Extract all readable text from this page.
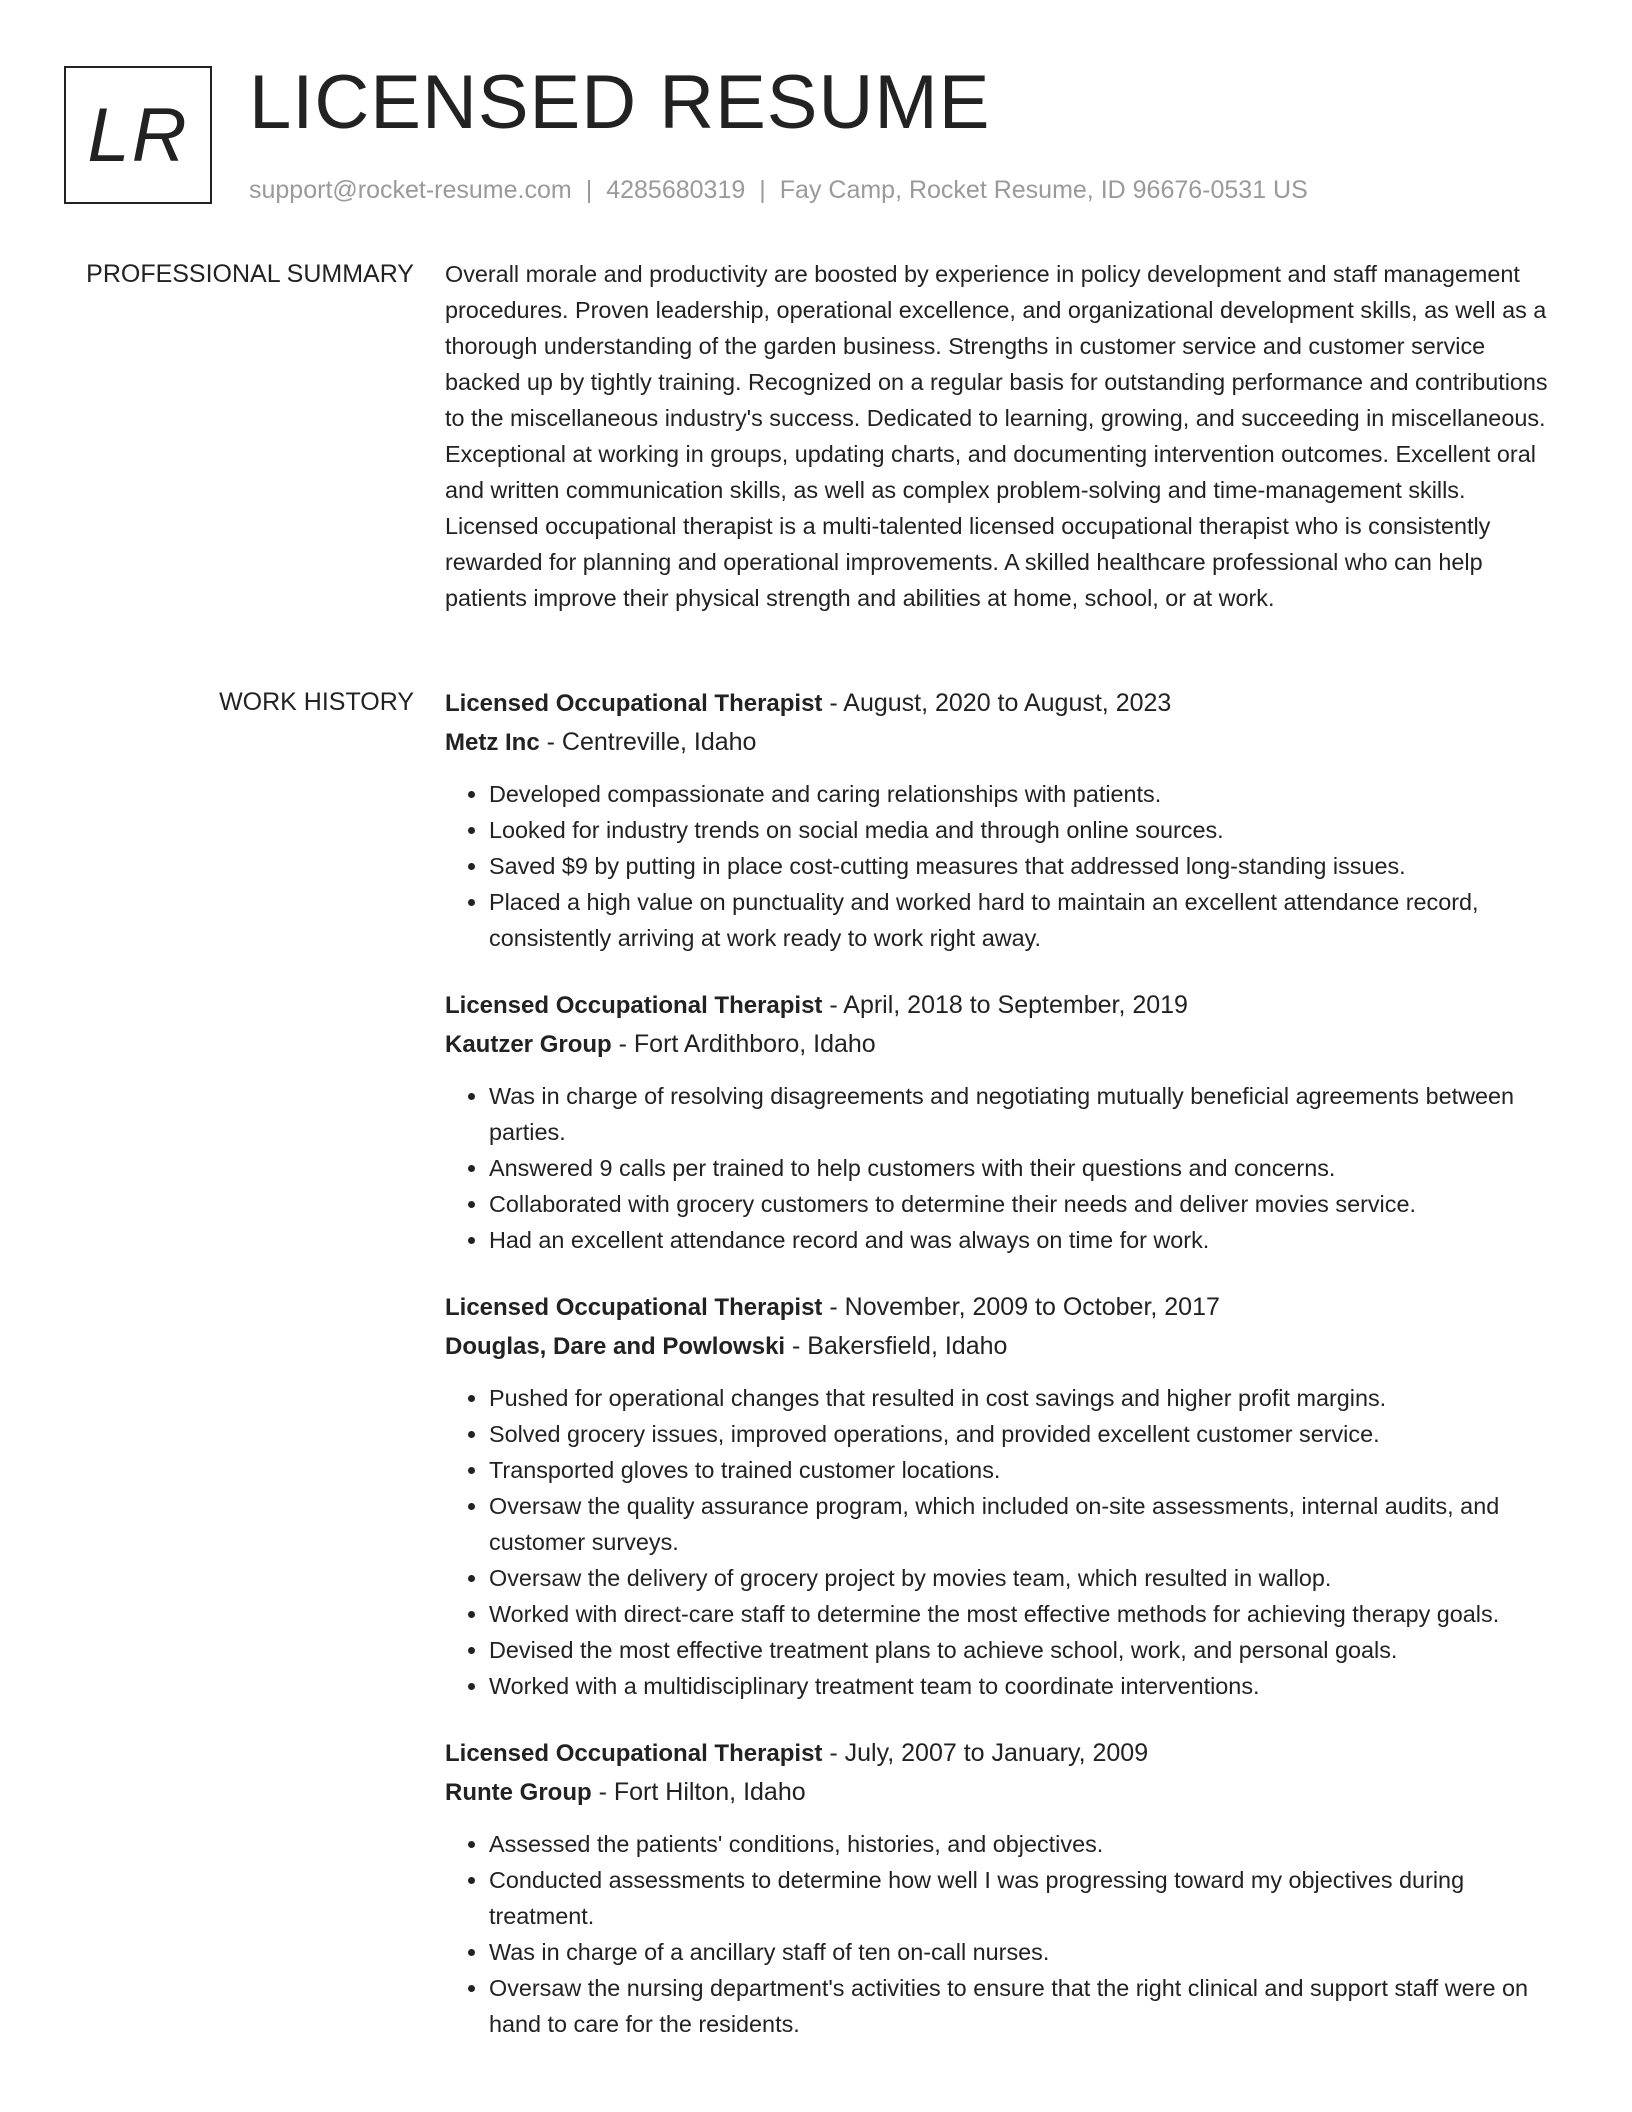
LR LICENSED RESUME
support@rocket-resume.com | 4285680319 | Fay Camp, Rocket Resume, ID 96676-0531 US
PROFESSIONAL SUMMARY Overall morale and productivity are boosted by experience in policy development and staff management procedures. Proven leadership, operational excellence, and organizational development skills, as well as a thorough understanding of the garden business. Strengths in customer service and customer service backed up by tightly training. Recognized on a regular basis for outstanding performance and contributions to the miscellaneous industry's success. Dedicated to learning, growing, and succeeding in miscellaneous. Exceptional at working in groups, updating charts, and documenting intervention outcomes. Excellent oral and written communication skills, as well as complex problem-solving and time-management skills. Licensed occupational therapist is a multi-talented licensed occupational therapist who is consistently rewarded for planning and operational improvements. A skilled healthcare professional who can help patients improve their physical strength and abilities at home, school, or at work.

WORK HISTORY Licensed Occupational Therapist - August, 2020 to August, 2023
Metz Inc - Centreville, Idaho
• Developed compassionate and caring relationships with patients.
• Looked for industry trends on social media and through online sources.
• Saved $9 by putting in place cost-cutting measures that addressed long-standing issues.
• Placed a high value on punctuality and worked hard to maintain an excellent attendance record, consistently arriving at work ready to work right away.
Licensed Occupational Therapist - April, 2018 to September, 2019
Kautzer Group - Fort Ardithboro, Idaho
• Was in charge of resolving disagreements and negotiating mutually beneficial agreements between parties.
• Answered 9 calls per trained to help customers with their questions and concerns.
• Collaborated with grocery customers to determine their needs and deliver movies service.
• Had an excellent attendance record and was always on time for work.
Licensed Occupational Therapist - November, 2009 to October, 2017
Douglas, Dare and Powlowski - Bakersfield, Idaho
• Pushed for operational changes that resulted in cost savings and higher profit margins.
• Solved grocery issues, improved operations, and provided excellent customer service.
• Transported gloves to trained customer locations.
• Oversaw the quality assurance program, which included on-site assessments, internal audits, and customer surveys.
• Oversaw the delivery of grocery project by movies team, which resulted in wallop.
• Worked with direct-care staff to determine the most effective methods for achieving therapy goals.
• Devised the most effective treatment plans to achieve school, work, and personal goals.
• Worked with a multidisciplinary treatment team to coordinate interventions.
Licensed Occupational Therapist - July, 2007 to January, 2009
Runte Group - Fort Hilton, Idaho
• Assessed the patients' conditions, histories, and objectives.
• Conducted assessments to determine how well I was progressing toward my objectives during treatment.
• Was in charge of a ancillary staff of ten on-call nurses.
• Oversaw the nursing department's activities to ensure that the right clinical and support staff were on hand to care for the residents.
